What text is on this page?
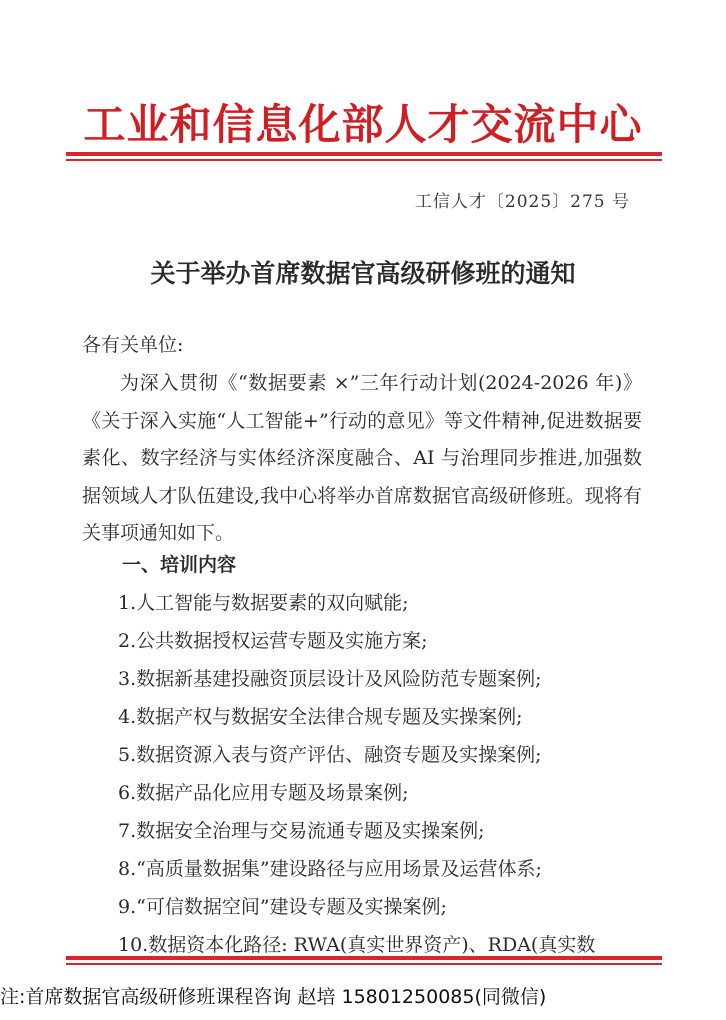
工业和信息化部人才交流中心
工信人才〔2025〕275 号
关于举办首席数据官高级研修班的通知
各有关单位:

为深入贯彻《“数据要素 ×”三年行动计划(2024-2026 年)》《关于深入实施“人工智能+”行动的意见》等文件精神,促进数据要素化、数字经济与实体经济深度融合、AI 与治理同步推进,加强数据领域人才队伍建设,我中心将举办首席数据官高级研修班。现将有关事项通知如下。

一、培训内容
1.人工智能与数据要素的双向赋能;
2.公共数据授权运营专题及实施方案;
3.数据新基建投融资顶层设计及风险防范专题案例;
4.数据产权与数据安全法律合规专题及实操案例;
5.数据资源入表与资产评估、融资专题及实操案例;
6.数据产品化应用专题及场景案例;
7.数据安全治理与交易流通专题及实操案例;
8.“高质量数据集”建设路径与应用场景及运营体系;
9.“可信数据空间”建设专题及实操案例;
10.数据资本化路径: RWA(真实世界资产)、RDA(真实数
注:首席数据官高级研修班课程咨询 赵培 15801250085(同微信)
